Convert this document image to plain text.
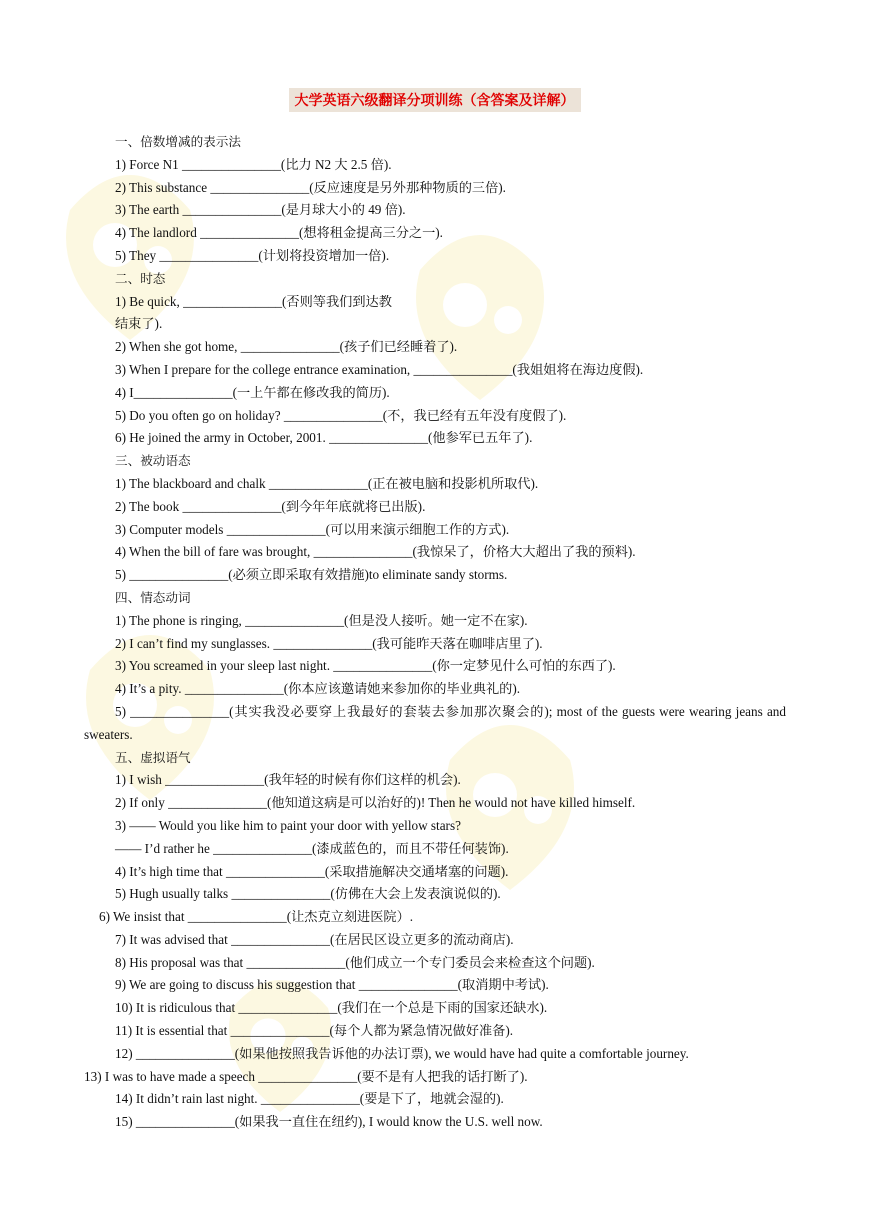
大学英语六级翻译分项训练（含答案及详解）
一、倍数增减的表示法
1) Force N1 _______________(比力 N2 大 2.5 倍).
2) This substance _______________(反应速度是另外那种物质的三倍).
3) The earth _______________(是月球大小的 49 倍).
4) The landlord _______________(想将租金提高三分之一).
5) They _______________(计划将投资增加一倍).
二、时态
1) Be quick, _______________(否则等我们到达教
结束了).
2) When she got home, _______________(孩子们已经睡着了).
3) When I prepare for the college entrance examination, _______________(我姐姐将在海边度假).
4) I_______________(一上午都在修改我的简历).
5) Do you often go on holiday? _______________(不，我已经有五年没有度假了).
6) He joined the army in October, 2001. _______________(他参军已五年了).
三、被动语态
1) The blackboard and chalk _______________(正在被电脑和投影机所取代).
2) The book _______________(到今年年底就将已出版).
3) Computer models _______________(可以用来演示细胞工作的方式).
4) When the bill of fare was brought, _______________(我惊呆了，价格大大超出了我的预料).
5) _______________(必须立即采取有效措施)to eliminate sandy storms.
四、情态动词
1) The phone is ringing, _______________(但是没人接听。她一定不在家).
2) I can’t find my sunglasses. _______________(我可能昨天落在咖啡店里了).
3) You screamed in your sleep last night. _______________(你一定梦见什么可怕的东西了).
4) It’s a pity. _______________(你本应该邀请她来参加你的毕业典礼的).
5) _______________(其实我没必要穿上我最好的套装去参加那次聚会的); most of the guests were wearing jeans and sweaters.
五、虚拟语气
1) I wish _______________(我年轻的时候有你们这样的机会).
2) If only _______________(他知道这病是可以治好的)! Then he would not have killed himself.
3) —— Would you like him to paint your door with yellow stars?
—— I’d rather he _______________(漆成蓝色的，而且不带任何装饰).
4) It’s high time that _______________(采取措施解决交通堵塞的问题).
5) Hugh usually talks _______________(仿佛在大会上发表演说似的).
6) We insist that _______________(让杰克立刻进医院）.
7) It was advised that _______________(在居民区设立更多的流动商店).
8) His proposal was that _______________(他们成立一个专门委员会来检查这个问题).
9) We are going to discuss his suggestion that _______________(取消期中考试).
10) It is ridiculous that _______________(我们在一个总是下雨的国家还缺水).
11) It is essential that _______________(每个人都为紧急情况做好准备).
12) _______________(如果他按照我告诉他的办法订票), we would have had quite a comfortable journey.
13) I was to have made a speech _______________(要不是有人把我的话打断了).
14) It didn’t rain last night. _______________(要是下了，地就会湿的).
15) _______________(如果我一直住在纽约), I would know the U.S. well now.
